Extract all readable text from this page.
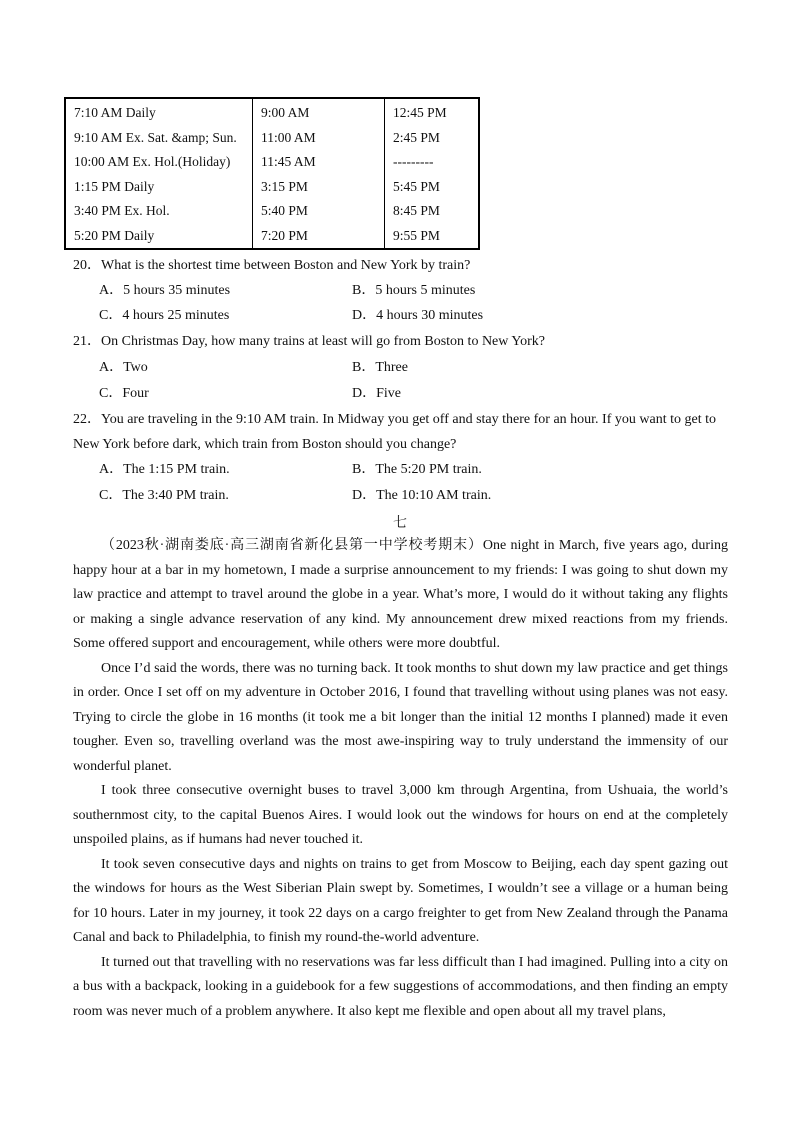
7:10 AM Daily	9:00 AM	12:45 PM
9:10 AM Ex. Sat. &amp; Sun.	11:00 AM	2:45 PM
10:00 AM Ex. Hol.(Holiday)	11:45 AM	---------
1:15 PM Daily	3:15 PM	5:45 PM
3:40 PM Ex. Hol.	5:40 PM	8:45 PM
5:20 PM Daily	7:20 PM	9:55 PM
20．What is the shortest time between Boston and New York by train?
A．5 hours 35 minutes	B．5 hours 5 minutes
C．4 hours 25 minutes	D．4 hours 30 minutes
21．On Christmas Day, how many trains at least will go from Boston to New York?
A．Two	B．Three
C．Four	D．Five
22．You are traveling in the 9:10 AM train. In Midway you get off and stay there for an hour. If you want to get to
New York before dark, which train from Boston should you change?
A．The 1:15 PM train.	B．The 5:20 PM train.
C．The 3:40 PM train.	D．The 10:10 AM train.
七

（2023秋·湖南娄底·高三湖南省新化县第一中学校考期末）One night in March, five years ago, during happy hour at a bar in my hometown, I made a surprise announcement to my friends: I was going to shut down my law practice and attempt to travel around the globe in a year. What’s more, I would do it without taking any flights or making a single advance reservation of any kind. My announcement drew mixed reactions from my friends. Some offered support and encouragement, while others were more doubtful.

Once I’d said the words, there was no turning back. It took months to shut down my law practice and get things in order. Once I set off on my adventure in October 2016, I found that travelling without using planes was not easy. Trying to circle the globe in 16 months (it took me a bit longer than the initial 12 months I planned) made it even tougher. Even so, travelling overland was the most awe-inspiring way to truly understand the immensity of our wonderful planet.

I took three consecutive overnight buses to travel 3,000 km through Argentina, from Ushuaia, the world’s southernmost city, to the capital Buenos Aires. I would look out the windows for hours on end at the completely unspoiled plains, as if humans had never touched it.

It took seven consecutive days and nights on trains to get from Moscow to Beijing, each day spent gazing out the windows for hours as the West Siberian Plain swept by. Sometimes, I wouldn’t see a village or a human being for 10 hours. Later in my journey, it took 22 days on a cargo freighter to get from New Zealand through the Panama Canal and back to Philadelphia, to finish my round-the-world adventure.

It turned out that travelling with no reservations was far less difficult than I had imagined. Pulling into a city on a bus with a backpack, looking in a guidebook for a few suggestions of accommodations, and then finding an empty room was never much of a problem anywhere. It also kept me flexible and open about all my travel plans,
